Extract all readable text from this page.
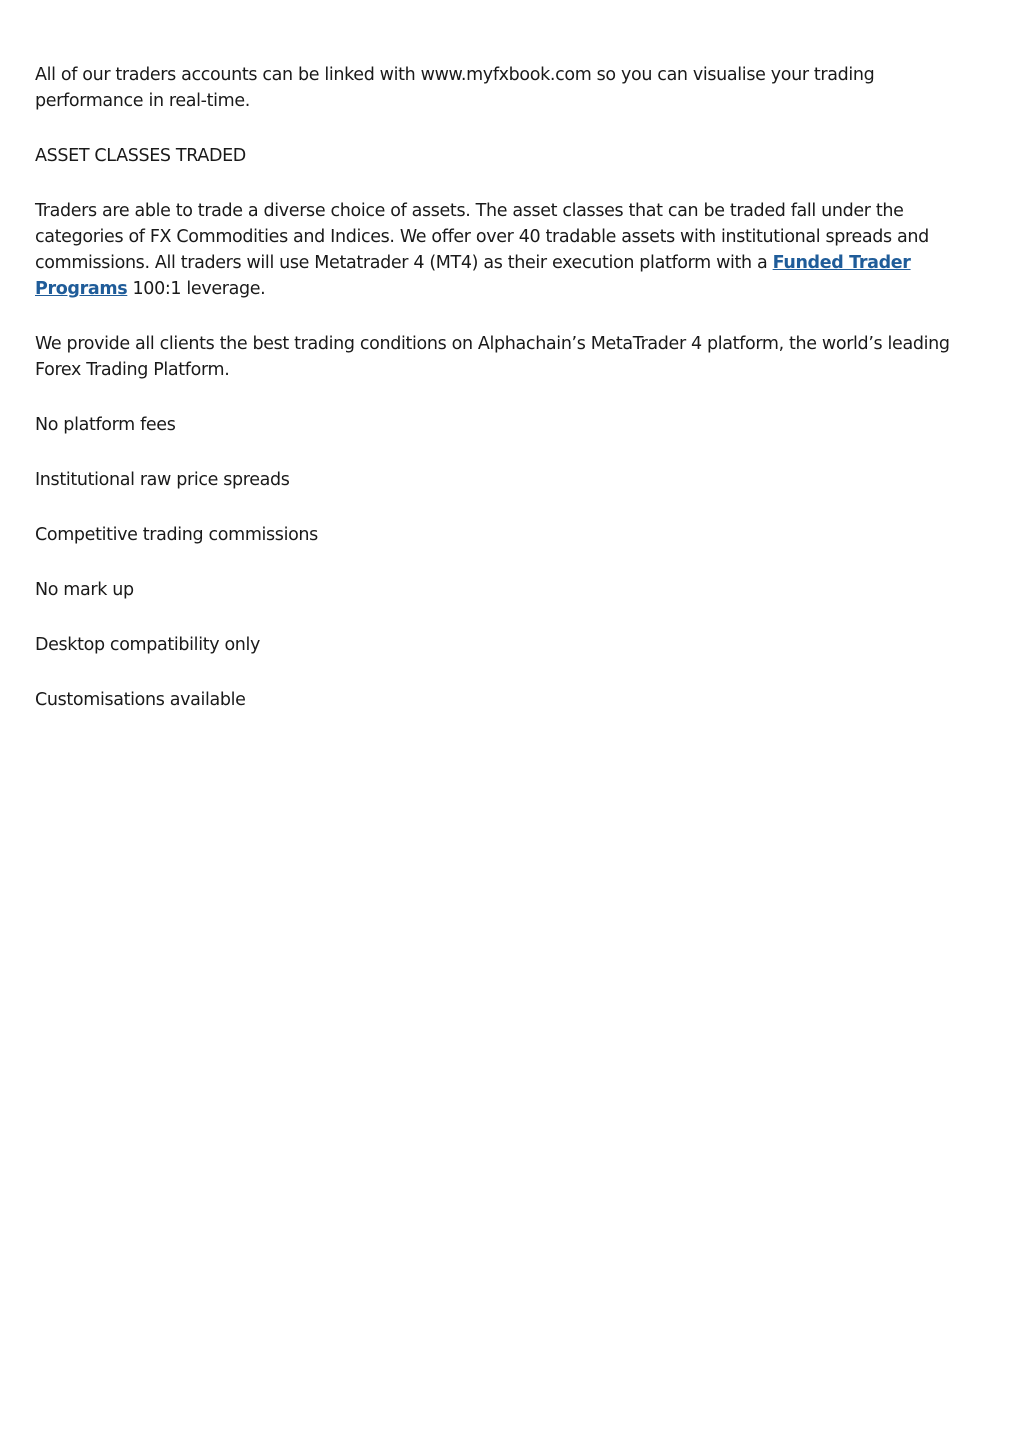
All of our traders accounts can be linked with www.myfxbook.com so you can visualise your trading performance in real-time.

ASSET CLASSES TRADED

Traders are able to trade a diverse choice of assets. The asset classes that can be traded fall under the categories of FX Commodities and Indices. We offer over 40 tradable assets with institutional spreads and commissions. All traders will use Metatrader 4 (MT4) as their execution platform with a Funded Trader Programs 100:1 leverage.

We provide all clients the best trading conditions on Alphachain’s MetaTrader 4 platform, the world’s leading Forex Trading Platform.

No platform fees

Institutional raw price spreads

Competitive trading commissions

No mark up

Desktop compatibility only

Customisations available
